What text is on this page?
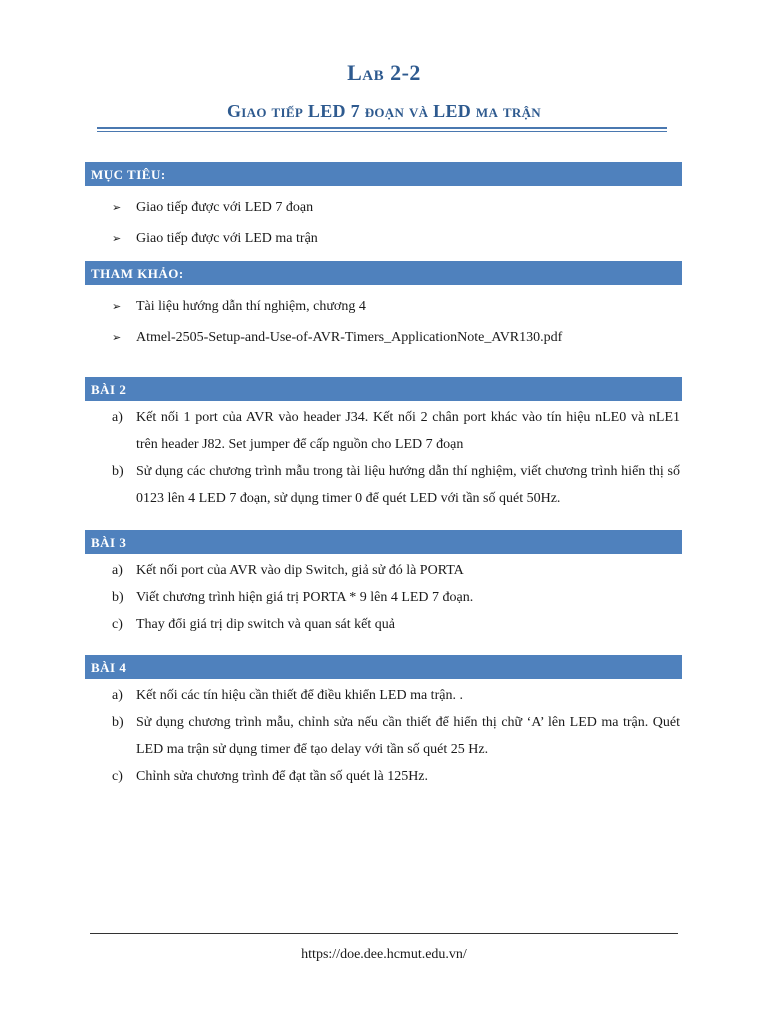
Lab 2-2
Giao tiếp LED 7 đoạn và LED ma trận
MỤC TIÊU:
➢ Giao tiếp được với LED 7 đoạn
➢ Giao tiếp được với LED ma trận
THAM KHẢO:
➢ Tài liệu hướng dẫn thí nghiệm, chương 4
➢ Atmel-2505-Setup-and-Use-of-AVR-Timers_ApplicationNote_AVR130.pdf
BÀI 2
a) Kết nối 1 port của AVR vào header J34. Kết nối 2 chân port khác vào tín hiệu nLE0 và nLE1 trên header J82. Set jumper để cấp nguồn cho LED 7 đoạn
b) Sử dụng các chương trình mẫu trong tài liệu hướng dẫn thí nghiệm, viết chương trình hiển thị số 0123 lên 4 LED 7 đoạn, sử dụng timer 0 để quét LED với tần số quét 50Hz.
BÀI 3
a) Kết nối port của AVR vào dip Switch, giả sử đó là PORTA
b) Viết chương trình hiện giá trị PORTA * 9 lên 4 LED 7 đoạn.
c) Thay đổi giá trị dip switch và quan sát kết quả
BÀI 4
a) Kết nối các tín hiệu cần thiết để điều khiển LED ma trận. .
b) Sử dụng chương trình mẫu, chỉnh sửa nếu cần thiết để hiển thị chữ ‘A’ lên LED ma trận. Quét LED ma trận sử dụng timer để tạo delay với tần số quét 25 Hz.
c) Chỉnh sửa chương trình để đạt tần số quét là 125Hz.
https://doe.dee.hcmut.edu.vn/
